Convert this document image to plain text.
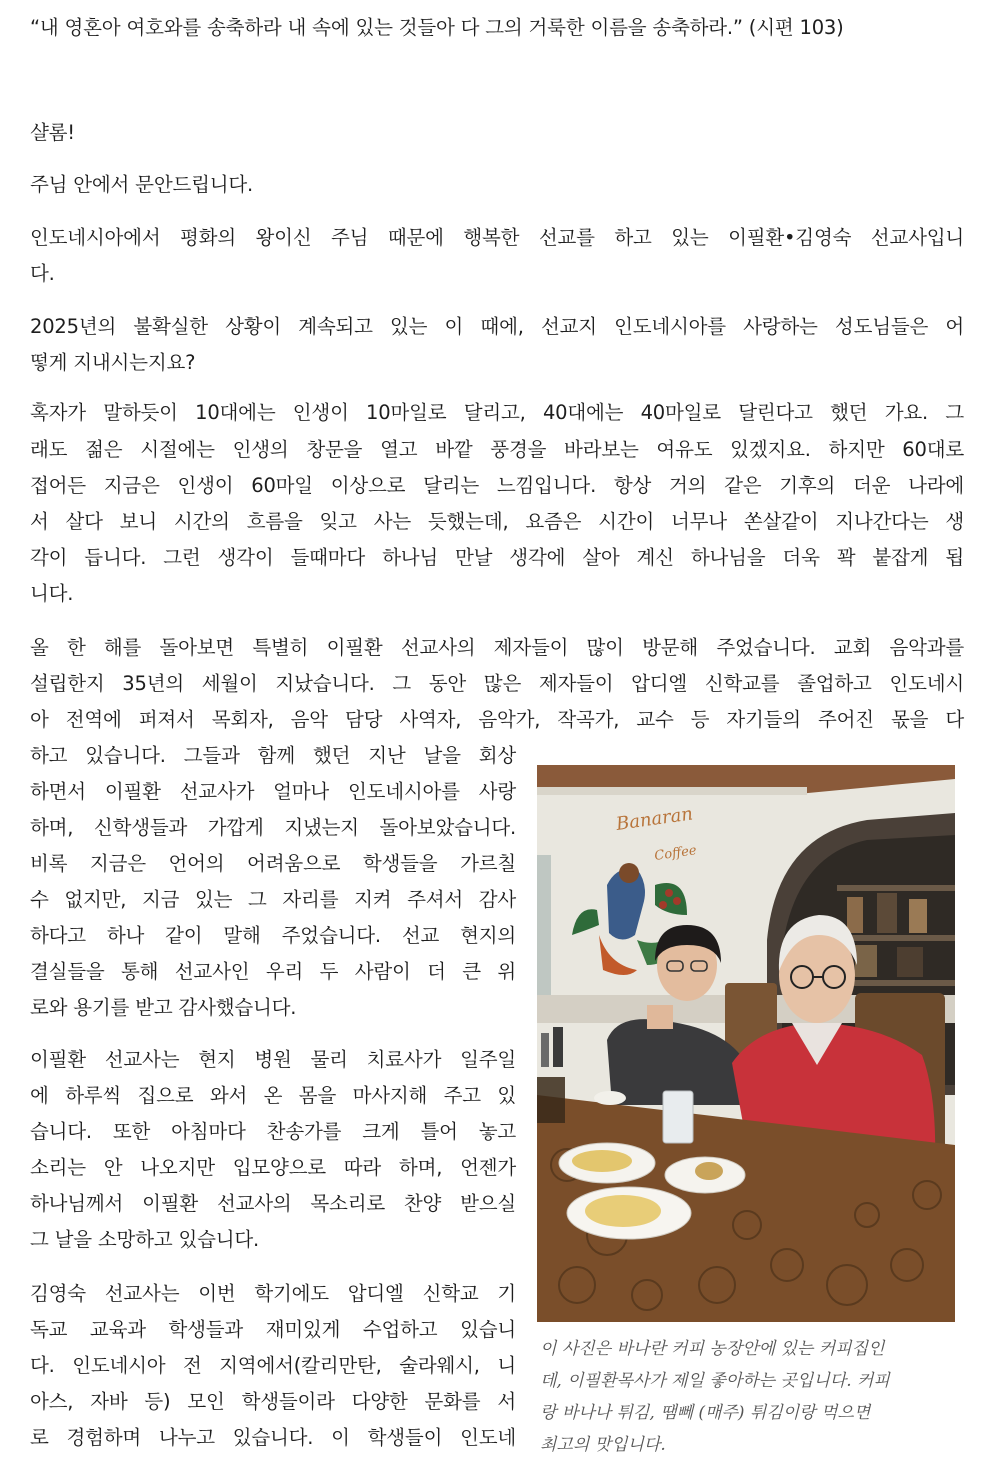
“내 영혼아 여호와를 송축하라 내 속에 있는 것들아 다 그의 거룩한 이름을 송축하라.” (시편 103)
샬롬!
주님 안에서 문안드립니다.
인도네시아에서 평화의 왕이신 주님 때문에 행복한 선교를 하고 있는 이필환•김영숙 선교사입니
다.
2025년의 불확실한 상황이 계속되고 있는 이 때에, 선교지 인도네시아를 사랑하는 성도님들은 어
떻게 지내시는지요?
혹자가 말하듯이 10대에는 인생이 10마일로 달리고, 40대에는 40마일로 달린다고 했던 가요. 그
래도 젊은 시절에는 인생의 창문을 열고 바깥 풍경을 바라보는 여유도 있겠지요. 하지만 60대로
접어든 지금은 인생이 60마일 이상으로 달리는 느낌입니다. 항상 거의 같은 기후의 더운 나라에
서 살다 보니 시간의 흐름을 잊고 사는 듯했는데, 요즘은 시간이 너무나 쏜살같이 지나간다는 생
각이 듭니다. 그런 생각이 들때마다 하나님 만날 생각에 살아 계신 하나님을 더욱 꽉 붙잡게 됩
니다.
올 한 해를 돌아보면 특별히 이필환 선교사의 제자들이 많이 방문해 주었습니다. 교회 음악과를
설립한지 35년의 세월이 지났습니다. 그 동안 많은 제자들이 압디엘 신학교를 졸업하고 인도네시
아 전역에 퍼져서 목회자, 음악 담당 사역자, 음악가, 작곡가, 교수 등 자기들의 주어진 몫을 다
하고 있습니다. 그들과 함께 했던 지난 날을 회상
하면서 이필환 선교사가 얼마나 인도네시아를 사랑
하며, 신학생들과 가깝게 지냈는지 돌아보았습니다.
비록 지금은 언어의 어려움으로 학생들을 가르칠
수 없지만, 지금 있는 그 자리를 지켜 주셔서 감사
하다고 하나 같이 말해 주었습니다. 선교 현지의
결실들을 통해 선교사인 우리 두 사람이 더 큰 위
로와 용기를 받고 감사했습니다.
이필환 선교사는 현지 병원 물리 치료사가 일주일
에 하루씩 집으로 와서 온 몸을 마사지해 주고 있
습니다. 또한 아침마다 찬송가를 크게 틀어 놓고
소리는 안 나오지만 입모양으로 따라 하며, 언젠가
하나님께서 이필환 선교사의 목소리로 찬양 받으실
그 날을 소망하고 있습니다.
김영숙 선교사는 이번 학기에도 압디엘 신학교 기
독교 교육과 학생들과 재미있게 수업하고 있습니
다. 인도네시아 전 지역에서(칼리만탄, 술라웨시, 니
아스, 자바 등) 모인 학생들이라 다양한 문화를 서
로 경험하며 나누고 있습니다. 이 학생들이 인도네
Banaran
Coffee
이 사진은 바나란 커피 농장안에 있는 커피집인
데, 이필환목사가 제일 좋아하는 곳입니다. 커피
랑 바나나 튀김, 땜뻬 (매주) 튀김이랑 먹으면
최고의 맛입니다.
